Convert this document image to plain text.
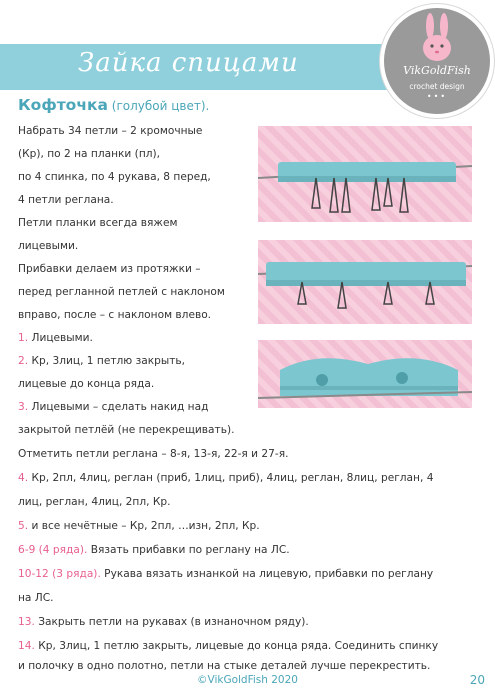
Зайка спицами	VikGoldFish
crochet design
•••
Кофточка (голубой цвет).
Набрать 34 петли – 2 кромочные
(Кр), по 2 на планки (пл),
по 4 спинка, по 4 рукава, 8 перед,
4 петли реглана.
Петли планки всегда вяжем
лицевыми.
Прибавки делаем из протяжки –
перед регланной петлей с наклоном
вправо, после – с наклоном влево.
1. Лицевыми.
2. Кр, 3лиц, 1 петлю закрыть,
лицевые до конца ряда.
3. Лицевыми – сделать накид над
закрытой петлёй (не перекрещивать).
Отметить петли реглана – 8-я, 13-я, 22-я и 27-я.
4. Кр, 2пл, 4лиц, реглан (приб, 1лиц, приб), 4лиц, реглан, 8лиц, реглан, 4
лиц, реглан, 4лиц, 2пл, Кр.
5. и все нечётные – Кр, 2пл, …изн, 2пл, Кр.
6-9 (4 ряда). Вязать прибавки по реглану на ЛС.
10-12 (3 ряда). Рукава вязать изнанкой на лицевую, прибавки по реглану
на ЛС.
13. Закрыть петли на рукавах (в изнаночном ряду).
14. Кр, 3лиц, 1 петлю закрыть, лицевые до конца ряда. Соединить спинку
и полочку в одно полотно, петли на стыке деталей лучше перекрестить.
©VikGoldFish 2020	20
